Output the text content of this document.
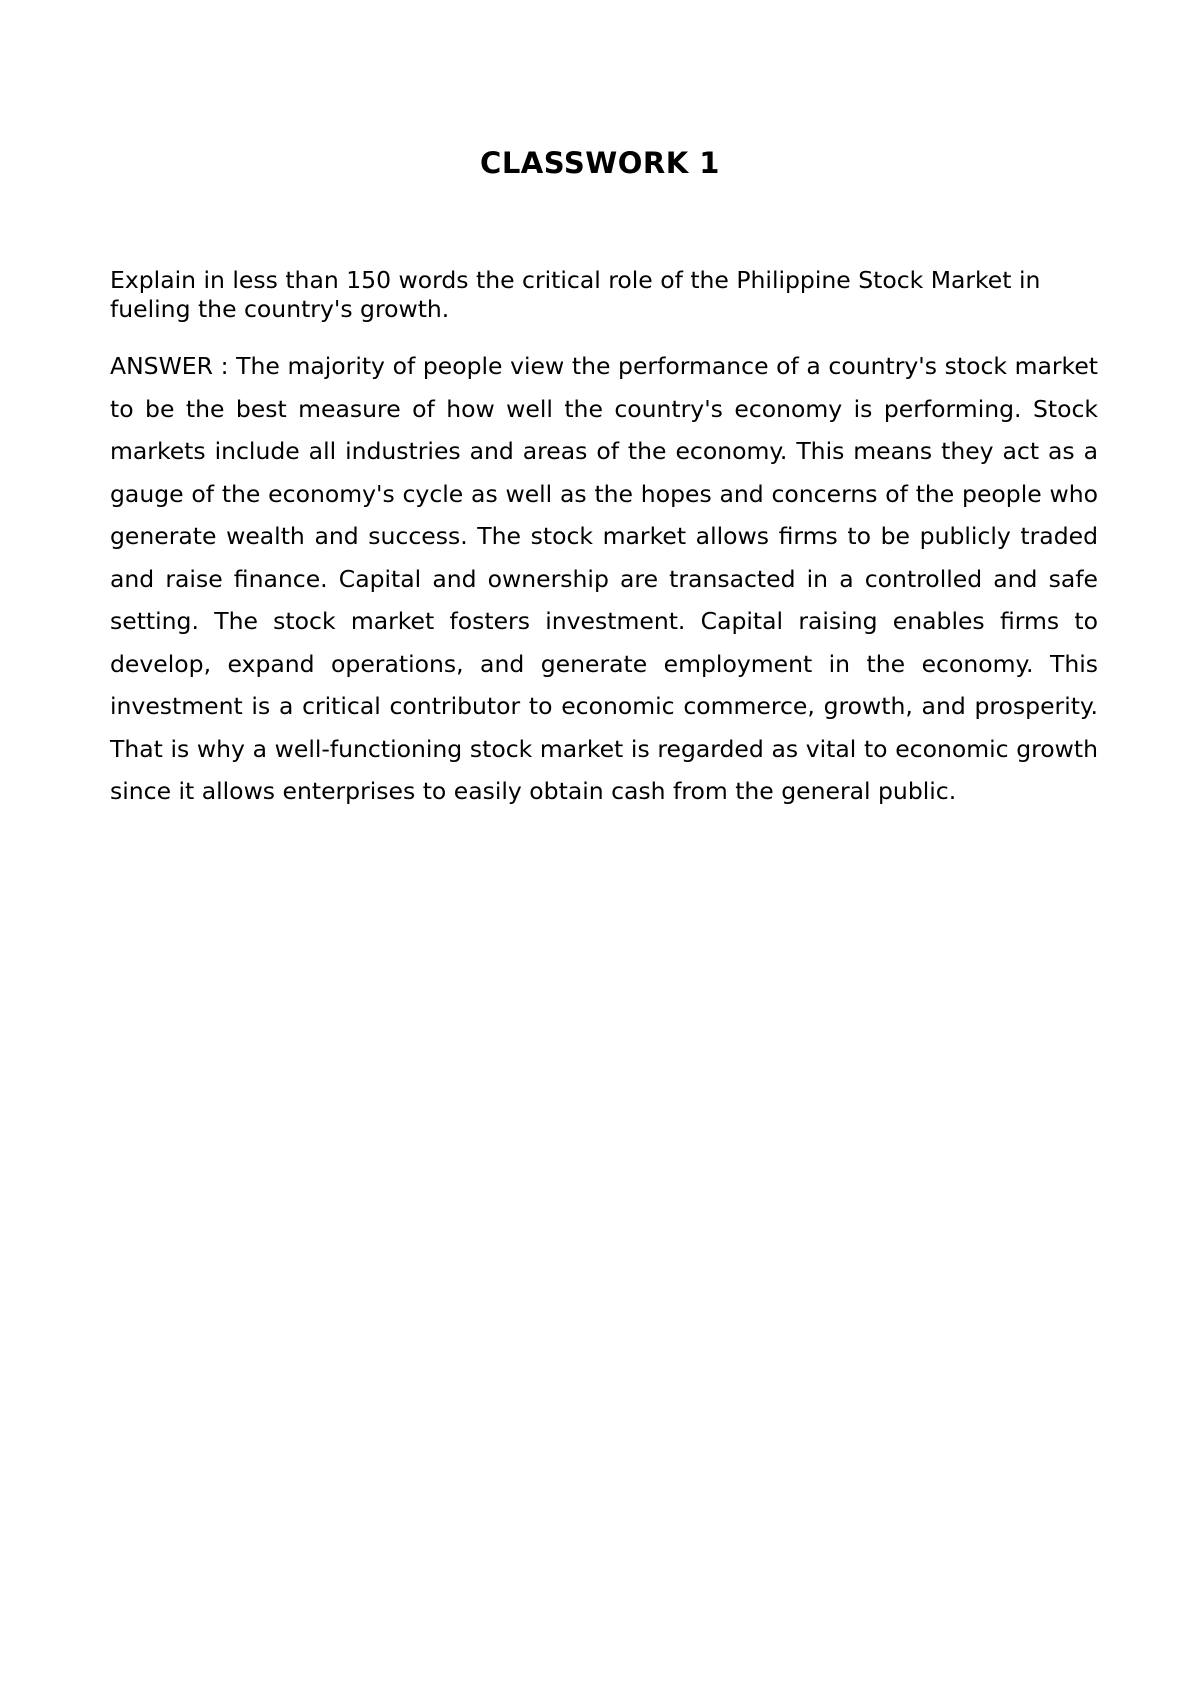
CLASSWORK 1

Explain in less than 150 words the critical role of the Philippine Stock Market in fueling the country's growth.

ANSWER : The majority of people view the performance of a country's stock market to be the best measure of how well the country's economy is performing. Stock markets include all industries and areas of the economy. This means they act as a gauge of the economy's cycle as well as the hopes and concerns of the people who generate wealth and success. The stock market allows firms to be publicly traded and raise finance. Capital and ownership are transacted in a controlled and safe setting. The stock market fosters investment. Capital raising enables firms to develop, expand operations, and generate employment in the economy. This investment is a critical contributor to economic commerce, growth, and prosperity. That is why a well-functioning stock market is regarded as vital to economic growth since it allows enterprises to easily obtain cash from the general public.
